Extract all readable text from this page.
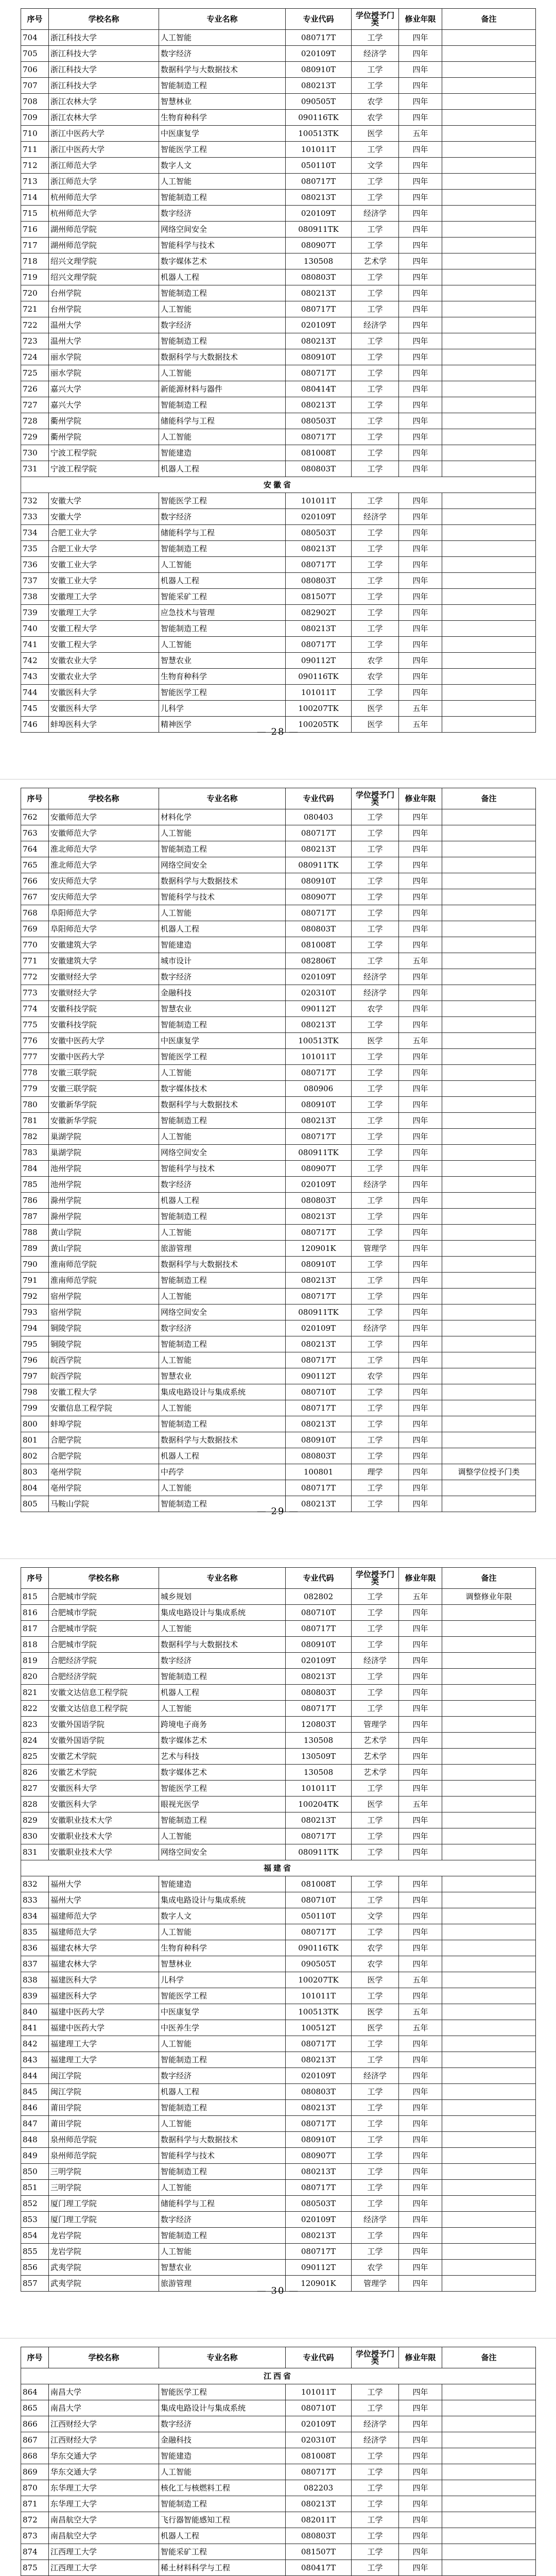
序号	学校名称	专业名称	专业代码	学位授予门类	修业年限	备注
704	浙江科技大学	人工智能	080717T	工学	四年	
705	浙江科技大学	数字经济	020109T	经济学	四年	
706	浙江科技大学	数据科学与大数据技术	080910T	工学	四年	
707	浙江科技大学	智能制造工程	080213T	工学	四年	
708	浙江农林大学	智慧林业	090505T	农学	四年	
709	浙江农林大学	生物育种科学	090116TK	农学	四年	
710	浙江中医药大学	中医康复学	100513TK	医学	五年	
711	浙江中医药大学	智能医学工程	101011T	工学	四年	
712	浙江师范大学	数字人文	050110T	文学	四年	
713	浙江师范大学	人工智能	080717T	工学	四年	
714	杭州师范大学	智能制造工程	080213T	工学	四年	
715	杭州师范大学	数字经济	020109T	经济学	四年	
716	湖州师范学院	网络空间安全	080911TK	工学	四年	
717	湖州师范学院	智能科学与技术	080907T	工学	四年	
718	绍兴文理学院	数字媒体艺术	130508	艺术学	四年	
719	绍兴文理学院	机器人工程	080803T	工学	四年	
720	台州学院	智能制造工程	080213T	工学	四年	
721	台州学院	人工智能	080717T	工学	四年	
722	温州大学	数字经济	020109T	经济学	四年	
723	温州大学	智能制造工程	080213T	工学	四年	
724	丽水学院	数据科学与大数据技术	080910T	工学	四年	
725	丽水学院	人工智能	080717T	工学	四年	
726	嘉兴大学	新能源材料与器件	080414T	工学	四年	
727	嘉兴大学	智能制造工程	080213T	工学	四年	
728	衢州学院	储能科学与工程	080503T	工学	四年	
729	衢州学院	人工智能	080717T	工学	四年	
730	宁波工程学院	智能建造	081008T	工学	四年	
731	宁波工程学院	机器人工程	080803T	工学	四年	
安徽省						
732	安徽大学	智能医学工程	101011T	工学	四年	
733	安徽大学	数字经济	020109T	经济学	四年	
734	合肥工业大学	储能科学与工程	080503T	工学	四年	
735	合肥工业大学	智能制造工程	080213T	工学	四年	
736	安徽工业大学	人工智能	080717T	工学	四年	
737	安徽工业大学	机器人工程	080803T	工学	四年	
738	安徽理工大学	智能采矿工程	081507T	工学	四年	
739	安徽理工大学	应急技术与管理	082902T	工学	四年	
740	安徽工程大学	智能制造工程	080213T	工学	四年	
741	安徽工程大学	人工智能	080717T	工学	四年	
742	安徽农业大学	智慧农业	090112T	农学	四年	
743	安徽农业大学	生物育种科学	090116TK	农学	四年	
744	安徽医科大学	智能医学工程	101011T	工学	四年	
745	安徽医科大学	儿科学	100207TK	医学	五年	
746	蚌埠医科大学	精神医学	100205TK	医学	五年	
— 28 —
序号	学校名称	专业名称	专业代码	学位授予门类	修业年限	备注
762	安徽师范大学	材料化学	080403	工学	四年	
763	安徽师范大学	人工智能	080717T	工学	四年	
764	淮北师范大学	智能制造工程	080213T	工学	四年	
765	淮北师范大学	网络空间安全	080911TK	工学	四年	
766	安庆师范大学	数据科学与大数据技术	080910T	工学	四年	
767	安庆师范大学	智能科学与技术	080907T	工学	四年	
768	阜阳师范大学	人工智能	080717T	工学	四年	
769	阜阳师范大学	机器人工程	080803T	工学	四年	
770	安徽建筑大学	智能建造	081008T	工学	四年	
771	安徽建筑大学	城市设计	082806T	工学	五年	
772	安徽财经大学	数字经济	020109T	经济学	四年	
773	安徽财经大学	金融科技	020310T	经济学	四年	
774	安徽科技学院	智慧农业	090112T	农学	四年	
775	安徽科技学院	智能制造工程	080213T	工学	四年	
776	安徽中医药大学	中医康复学	100513TK	医学	五年	
777	安徽中医药大学	智能医学工程	101011T	工学	四年	
778	安徽三联学院	人工智能	080717T	工学	四年	
779	安徽三联学院	数字媒体技术	080906	工学	四年	
780	安徽新华学院	数据科学与大数据技术	080910T	工学	四年	
781	安徽新华学院	智能制造工程	080213T	工学	四年	
782	巢湖学院	人工智能	080717T	工学	四年	
783	巢湖学院	网络空间安全	080911TK	工学	四年	
784	池州学院	智能科学与技术	080907T	工学	四年	
785	池州学院	数字经济	020109T	经济学	四年	
786	滁州学院	机器人工程	080803T	工学	四年	
787	滁州学院	智能制造工程	080213T	工学	四年	
788	黄山学院	人工智能	080717T	工学	四年	
789	黄山学院	旅游管理	120901K	管理学	四年	
790	淮南师范学院	数据科学与大数据技术	080910T	工学	四年	
791	淮南师范学院	智能制造工程	080213T	工学	四年	
792	宿州学院	人工智能	080717T	工学	四年	
793	宿州学院	网络空间安全	080911TK	工学	四年	
794	铜陵学院	数字经济	020109T	经济学	四年	
795	铜陵学院	智能制造工程	080213T	工学	四年	
796	皖西学院	人工智能	080717T	工学	四年	
797	皖西学院	智慧农业	090112T	农学	四年	
798	安徽工程大学	集成电路设计与集成系统	080710T	工学	四年	
799	安徽信息工程学院	人工智能	080717T	工学	四年	
800	蚌埠学院	智能制造工程	080213T	工学	四年	
801	合肥学院	数据科学与大数据技术	080910T	工学	四年	
802	合肥学院	机器人工程	080803T	工学	四年	
803	亳州学院	中药学	100801	理学	四年	调整学位授予门类
804	亳州学院	人工智能	080717T	工学	四年	
805	马鞍山学院	智能制造工程	080213T	工学	四年	
— 29 —
序号	学校名称	专业名称	专业代码	学位授予门类	修业年限	备注
815	合肥城市学院	城乡规划	082802	工学	五年	调整修业年限
816	合肥城市学院	集成电路设计与集成系统	080710T	工学	四年	
817	合肥城市学院	人工智能	080717T	工学	四年	
818	合肥城市学院	数据科学与大数据技术	080910T	工学	四年	
819	合肥经济学院	数字经济	020109T	经济学	四年	
820	合肥经济学院	智能制造工程	080213T	工学	四年	
821	安徽文达信息工程学院	机器人工程	080803T	工学	四年	
822	安徽文达信息工程学院	人工智能	080717T	工学	四年	
823	安徽外国语学院	跨境电子商务	120803T	管理学	四年	
824	安徽外国语学院	数字媒体艺术	130508	艺术学	四年	
825	安徽艺术学院	艺术与科技	130509T	艺术学	四年	
826	安徽艺术学院	数字媒体艺术	130508	艺术学	四年	
827	安徽医科大学	智能医学工程	101011T	工学	四年	
828	安徽医科大学	眼视光医学	100204TK	医学	五年	
829	安徽职业技术大学	智能制造工程	080213T	工学	四年	
830	安徽职业技术大学	人工智能	080717T	工学	四年	
831	安徽职业技术大学	网络空间安全	080911TK	工学	四年	
福建省						
832	福州大学	智能建造	081008T	工学	四年	
833	福州大学	集成电路设计与集成系统	080710T	工学	四年	
834	福建师范大学	数字人文	050110T	文学	四年	
835	福建师范大学	人工智能	080717T	工学	四年	
836	福建农林大学	生物育种科学	090116TK	农学	四年	
837	福建农林大学	智慧林业	090505T	农学	四年	
838	福建医科大学	儿科学	100207TK	医学	五年	
839	福建医科大学	智能医学工程	101011T	工学	四年	
840	福建中医药大学	中医康复学	100513TK	医学	五年	
841	福建中医药大学	中医养生学	100512T	医学	五年	
842	福建理工大学	人工智能	080717T	工学	四年	
843	福建理工大学	智能制造工程	080213T	工学	四年	
844	闽江学院	数字经济	020109T	经济学	四年	
845	闽江学院	机器人工程	080803T	工学	四年	
846	莆田学院	智能制造工程	080213T	工学	四年	
847	莆田学院	人工智能	080717T	工学	四年	
848	泉州师范学院	数据科学与大数据技术	080910T	工学	四年	
849	泉州师范学院	智能科学与技术	080907T	工学	四年	
850	三明学院	智能制造工程	080213T	工学	四年	
851	三明学院	人工智能	080717T	工学	四年	
852	厦门理工学院	储能科学与工程	080503T	工学	四年	
853	厦门理工学院	数字经济	020109T	经济学	四年	
854	龙岩学院	智能制造工程	080213T	工学	四年	
855	龙岩学院	人工智能	080717T	工学	四年	
856	武夷学院	智慧农业	090112T	农学	四年	
857	武夷学院	旅游管理	120901K	管理学	四年	
— 30 —
序号	学校名称	专业名称	专业代码	学位授予门类	修业年限	备注
江西省						
864	南昌大学	智能医学工程	101011T	工学	四年	
865	南昌大学	集成电路设计与集成系统	080710T	工学	四年	
866	江西财经大学	数字经济	020109T	经济学	四年	
867	江西财经大学	金融科技	020310T	经济学	四年	
868	华东交通大学	智能建造	081008T	工学	四年	
869	华东交通大学	人工智能	080717T	工学	四年	
870	东华理工大学	核化工与核燃料工程	082203	工学	四年	
871	东华理工大学	智能制造工程	080213T	工学	四年	
872	南昌航空大学	飞行器智能感知工程	082011T	工学	四年	
873	南昌航空大学	机器人工程	080803T	工学	四年	
874	江西理工大学	智能采矿工程	081507T	工学	四年	
875	江西理工大学	稀土材料科学与工程	080417T	工学	四年	
